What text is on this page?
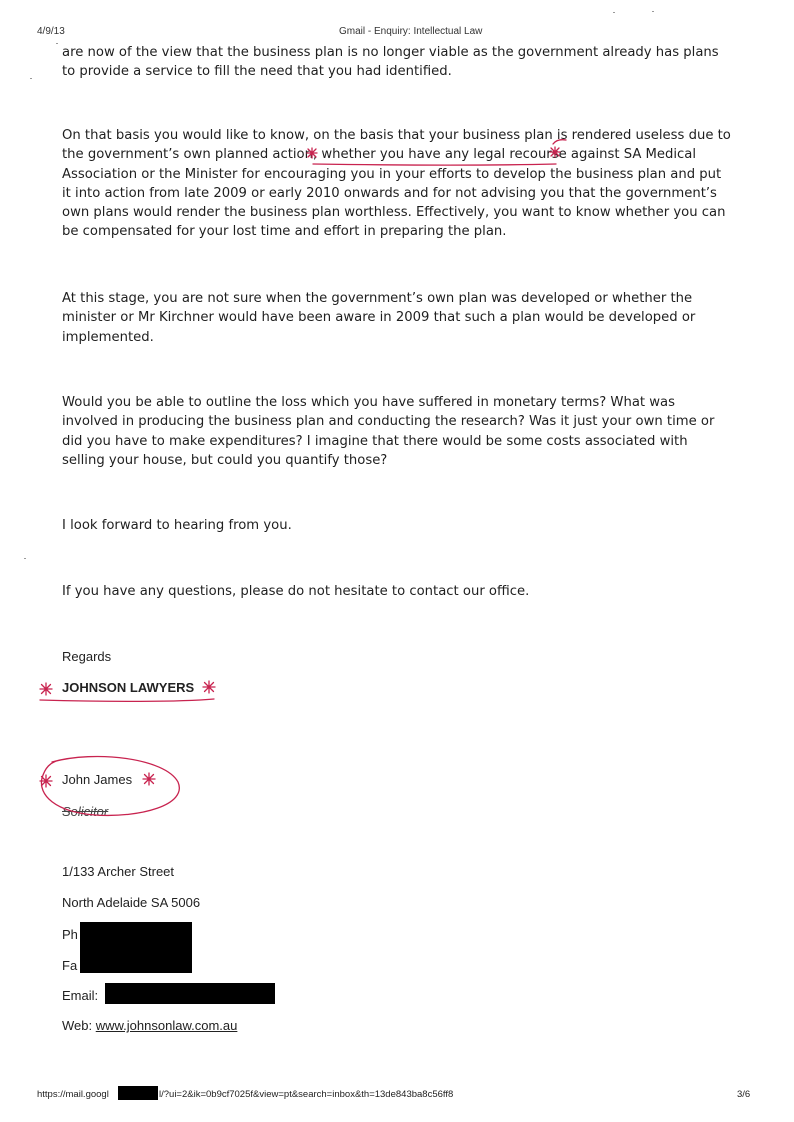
4/9/13	Gmail - Enquiry: Intellectual Law

are now of the view that the business plan is no longer viable as the government already has plans to provide a service to fill the need that you had identified.

On that basis you would like to know, on the basis that your business plan is rendered useless due to the government’s own planned action, whether you have any legal recourse against SA Medical Association or the Minister for encouraging you in your efforts to develop the business plan and put it into action from late 2009 or early 2010 onwards and for not advising you that the government’s own plans would render the business plan worthless. Effectively, you want to know whether you can be compensated for your lost time and effort in preparing the plan.

At this stage, you are not sure when the government’s own plan was developed or whether the minister or Mr Kirchner would have been aware in 2009 that such a plan would be developed or implemented.

Would you be able to outline the loss which you have suffered in monetary terms? What was involved in producing the business plan and conducting the research? Was it just your own time or did you have to make expenditures? I imagine that there would be some costs associated with selling your house, but could you quantify those?

I look forward to hearing from you.

If you have any questions, please do not hesitate to contact our office.

Regards
JOHNSON LAWYERS
John James
Solicitor
1/133 Archer Street
North Adelaide SA 5006
Ph
Fa
Email:
Web: www.johnsonlaw.com.au
https://mail.googl	l/?ui=2&ik=0b9cf7025f&view=pt&search=inbox&th=13de843ba8c56ff8	3/6
